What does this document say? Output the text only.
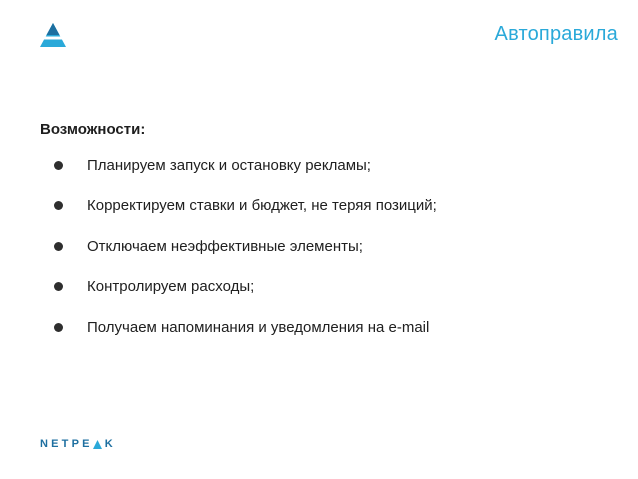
Автоправила
Возможности:
Планируем запуск и остановку рекламы;
Корректируем ставки и бюджет, не теряя позиций;
Отключаем неэффективные элементы;
Контролируем расходы;
Получаем напоминания и уведомления на e-mail
NETPE K
